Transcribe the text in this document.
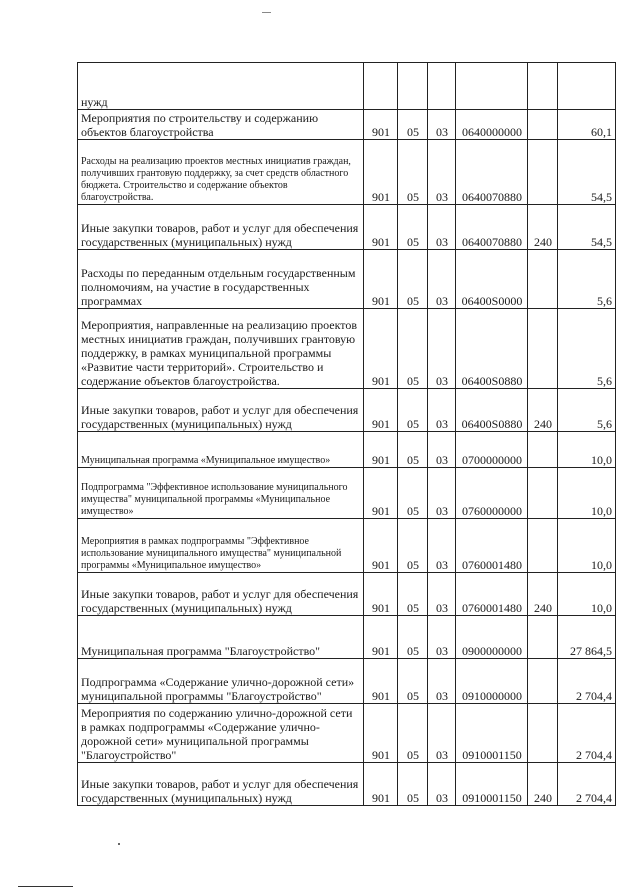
нужд						
Мероприятия по строительству и содержанию объектов благоустройства	901	05	03	0640000000		60,1
Расходы на реализацию проектов местных инициатив граждан, получивших грантовую поддержку, за счет средств областного бюджета. Строительство и содержание объектов благоустройства.	901	05	03	0640070880		54,5
Иные закупки товаров, работ и услуг для обеспечения государственных (муниципальных) нужд	901	05	03	0640070880	240	54,5
Расходы по переданным отдельным государственным полномочиям, на участие в государственных программах	901	05	03	06400S0000		5,6
Мероприятия, направленные на реализацию проектов местных инициатив граждан, получивших грантовую поддержку, в рамках муниципальной программы «Развитие части территорий». Строительство и содержание объектов благоустройства.	901	05	03	06400S0880		5,6
Иные закупки товаров, работ и услуг для обеспечения государственных (муниципальных) нужд	901	05	03	06400S0880	240	5,6
Муниципальная программа «Муниципальное имущество»	901	05	03	0700000000		10,0
Подпрограмма "Эффективное использование муниципального имущества" муниципальной программы «Муниципальное имущество»	901	05	03	0760000000		10,0
Мероприятия в рамках подпрограммы "Эффективное использование муниципального имущества" муниципальной программы «Муниципальное имущество»	901	05	03	0760001480		10,0
Иные закупки товаров, работ и услуг для обеспечения государственных (муниципальных) нужд	901	05	03	0760001480	240	10,0
Муниципальная программа "Благоустройство"	901	05	03	0900000000		27 864,5
Подпрограмма «Содержание улично-дорожной сети» муниципальной программы "Благоустройство"	901	05	03	0910000000		2 704,4
Мероприятия по содержанию улично-дорожной сети в рамках подпрограммы «Содержание улично-дорожной сети» муниципальной программы "Благоустройство"	901	05	03	0910001150		2 704,4
Иные закупки товаров, работ и услуг для обеспечения государственных (муниципальных) нужд	901	05	03	0910001150	240	2 704,4
